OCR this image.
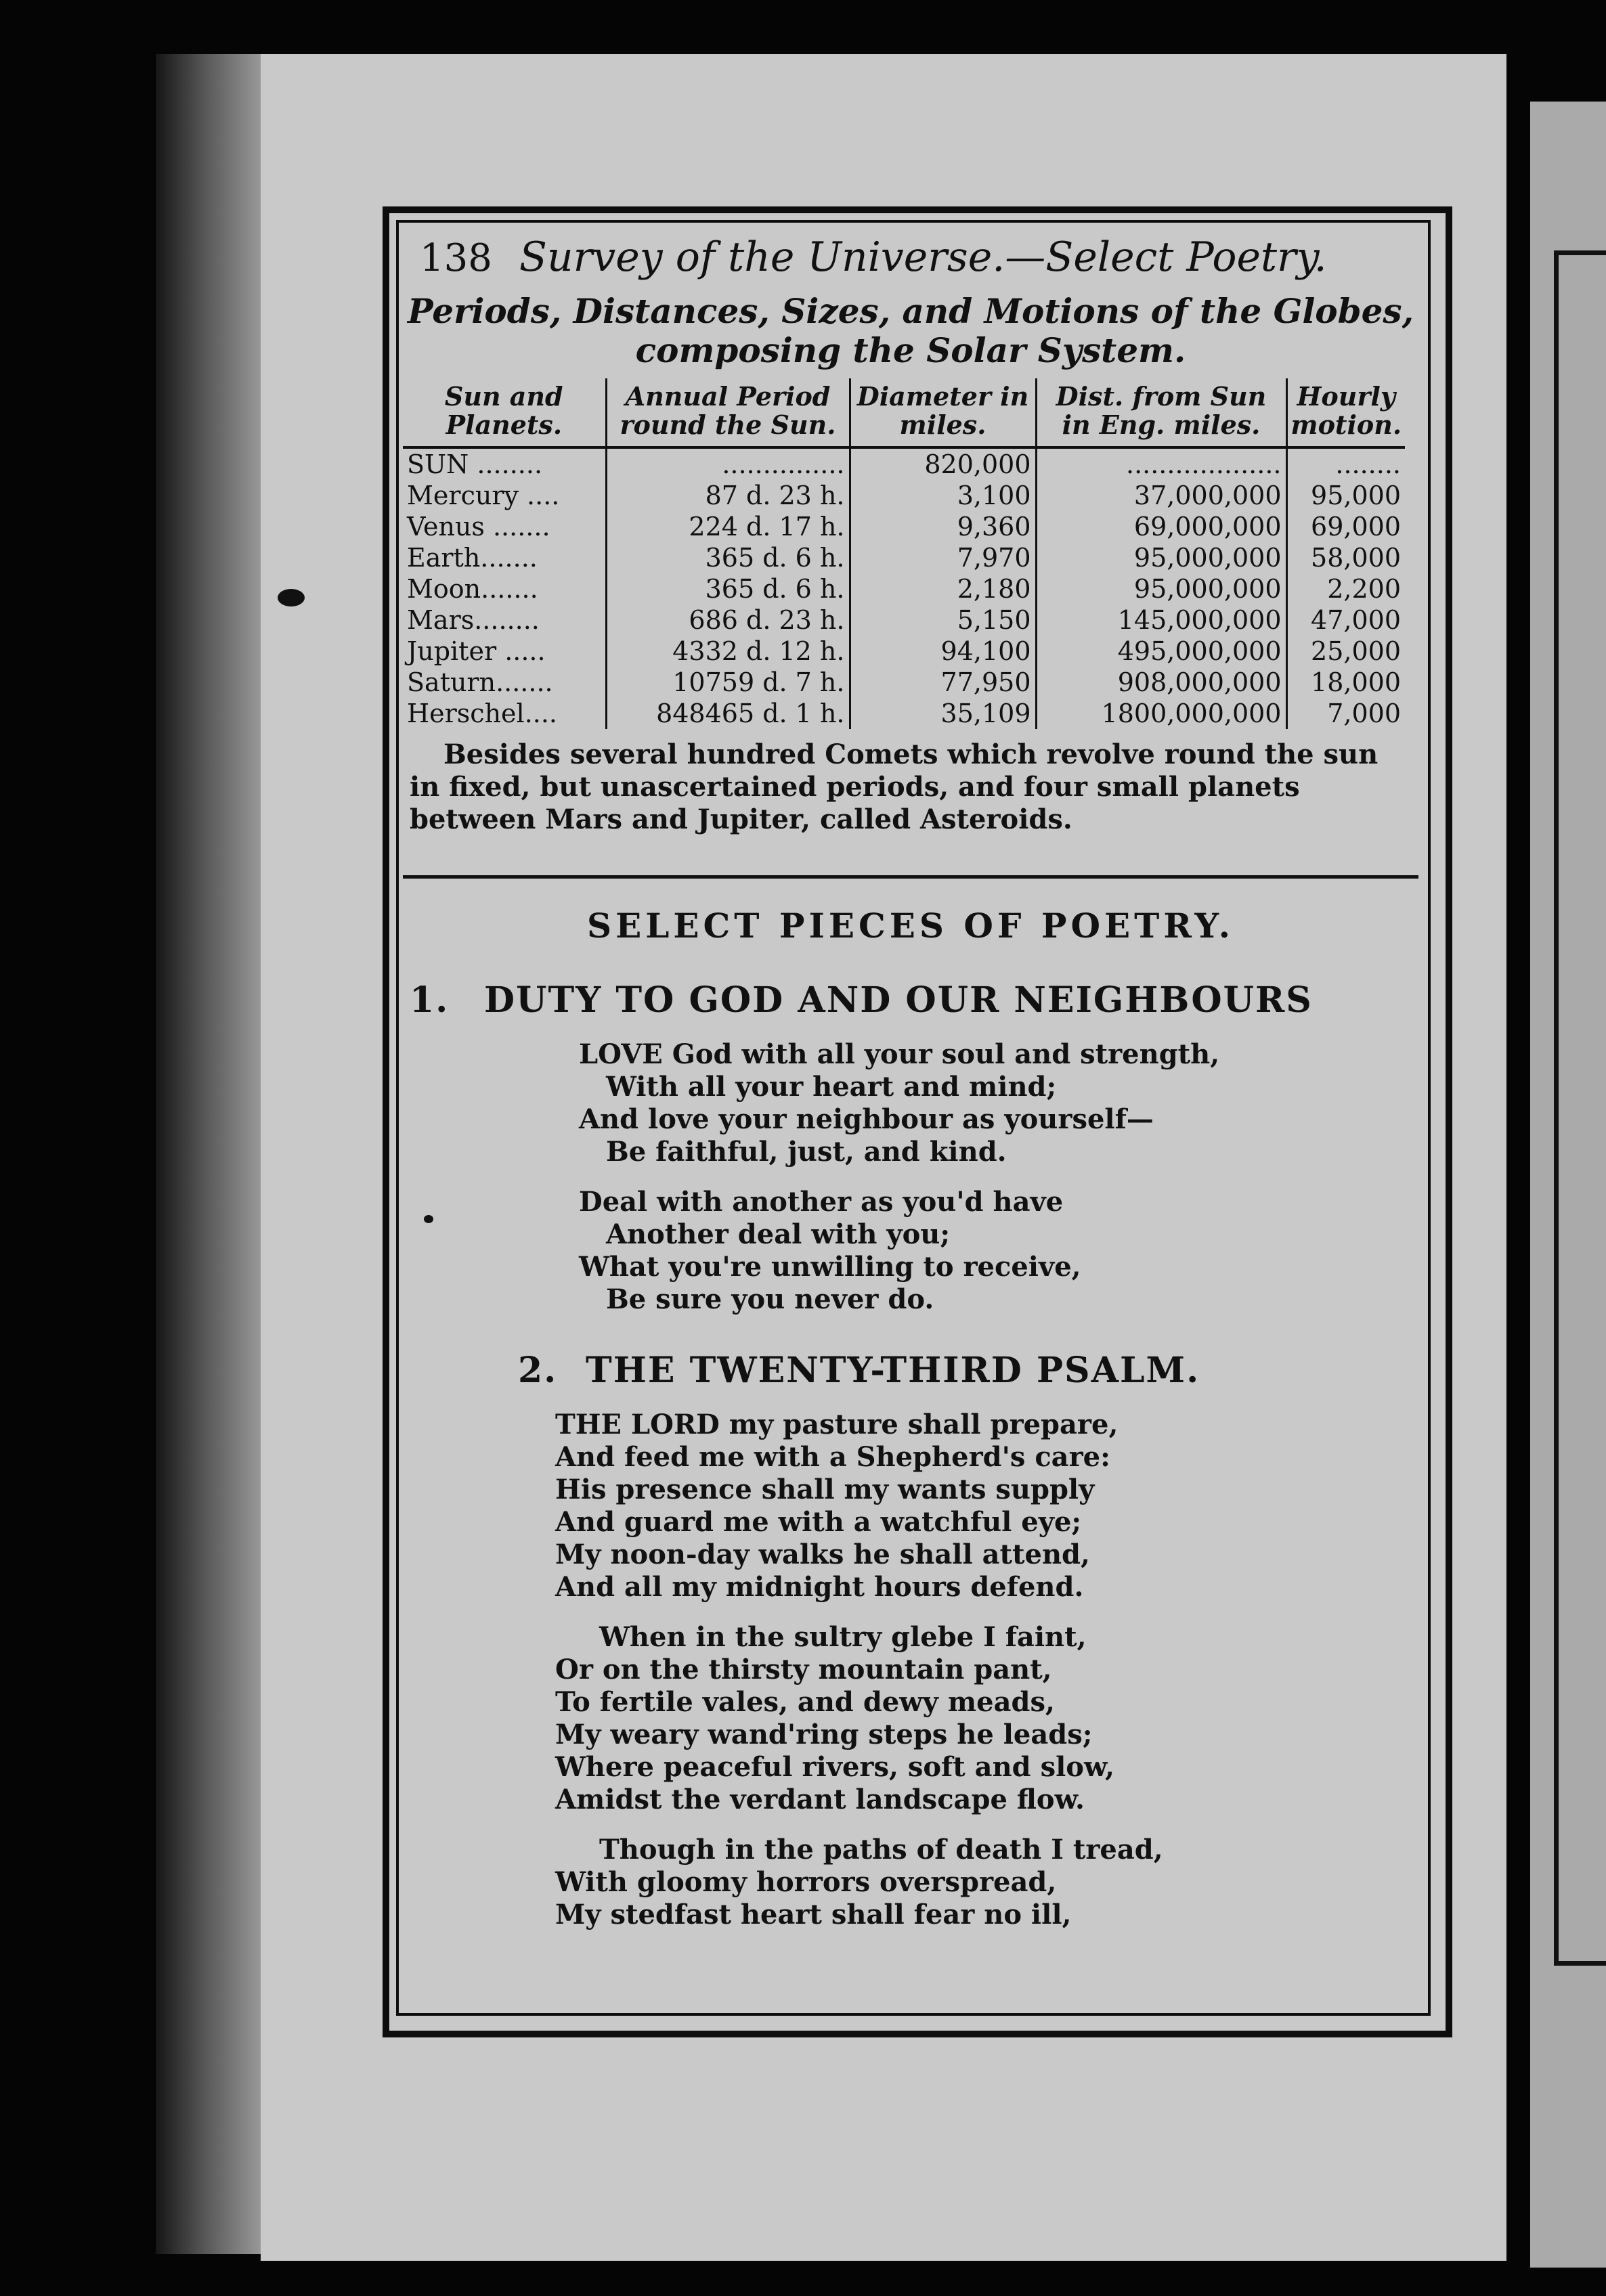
138 Survey of the Universe.—Select Poetry.
Periods, Distances, Sizes, and Motions of the Globes,
composing the Solar System.
Sun and Planets.	Annual Period round the Sun.	Diameter in miles.	Dist. from Sun in Eng. miles.	Hourly motion.
SUN ........	...............	820,000	...................	........
Mercury ....	87 d. 23 h.	3,100	37,000,000	95,000
Venus .......	224 d. 17 h.	9,360	69,000,000	69,000
Earth.......	365 d. 6 h.	7,970	95,000,000	58,000
Moon.......	365 d. 6 h.	2,180	95,000,000	2,200
Mars........	686 d. 23 h.	5,150	145,000,000	47,000
Jupiter .....	4332 d. 12 h.	94,100	495,000,000	25,000
Saturn.......	10759 d. 7 h.	77,950	908,000,000	18,000
Herschel....	848465 d. 1 h.	35,109	1800,000,000	7,000

Besides several hundred Comets which revolve round the sun in fixed, but unascertained periods, and four small planets between Mars and Jupiter, called Asteroids.

SELECT PIECES OF POETRY.
1. DUTY TO GOD AND OUR NEIGHBOURS
LOVE God with all your soul and strength,
With all your heart and mind;
And love your neighbour as yourself—
Be faithful, just, and kind.
Deal with another as you'd have
Another deal with you;
What you're unwilling to receive,
Be sure you never do.
2. THE TWENTY-THIRD PSALM.
THE LORD my pasture shall prepare,
And feed me with a Shepherd's care:
His presence shall my wants supply
And guard me with a watchful eye;
My noon-day walks he shall attend,
And all my midnight hours defend.
When in the sultry glebe I faint,
Or on the thirsty mountain pant,
To fertile vales, and dewy meads,
My weary wand'ring steps he leads;
Where peaceful rivers, soft and slow,
Amidst the verdant landscape flow.
Though in the paths of death I tread,
With gloomy horrors overspread,
My stedfast heart shall fear no ill,
